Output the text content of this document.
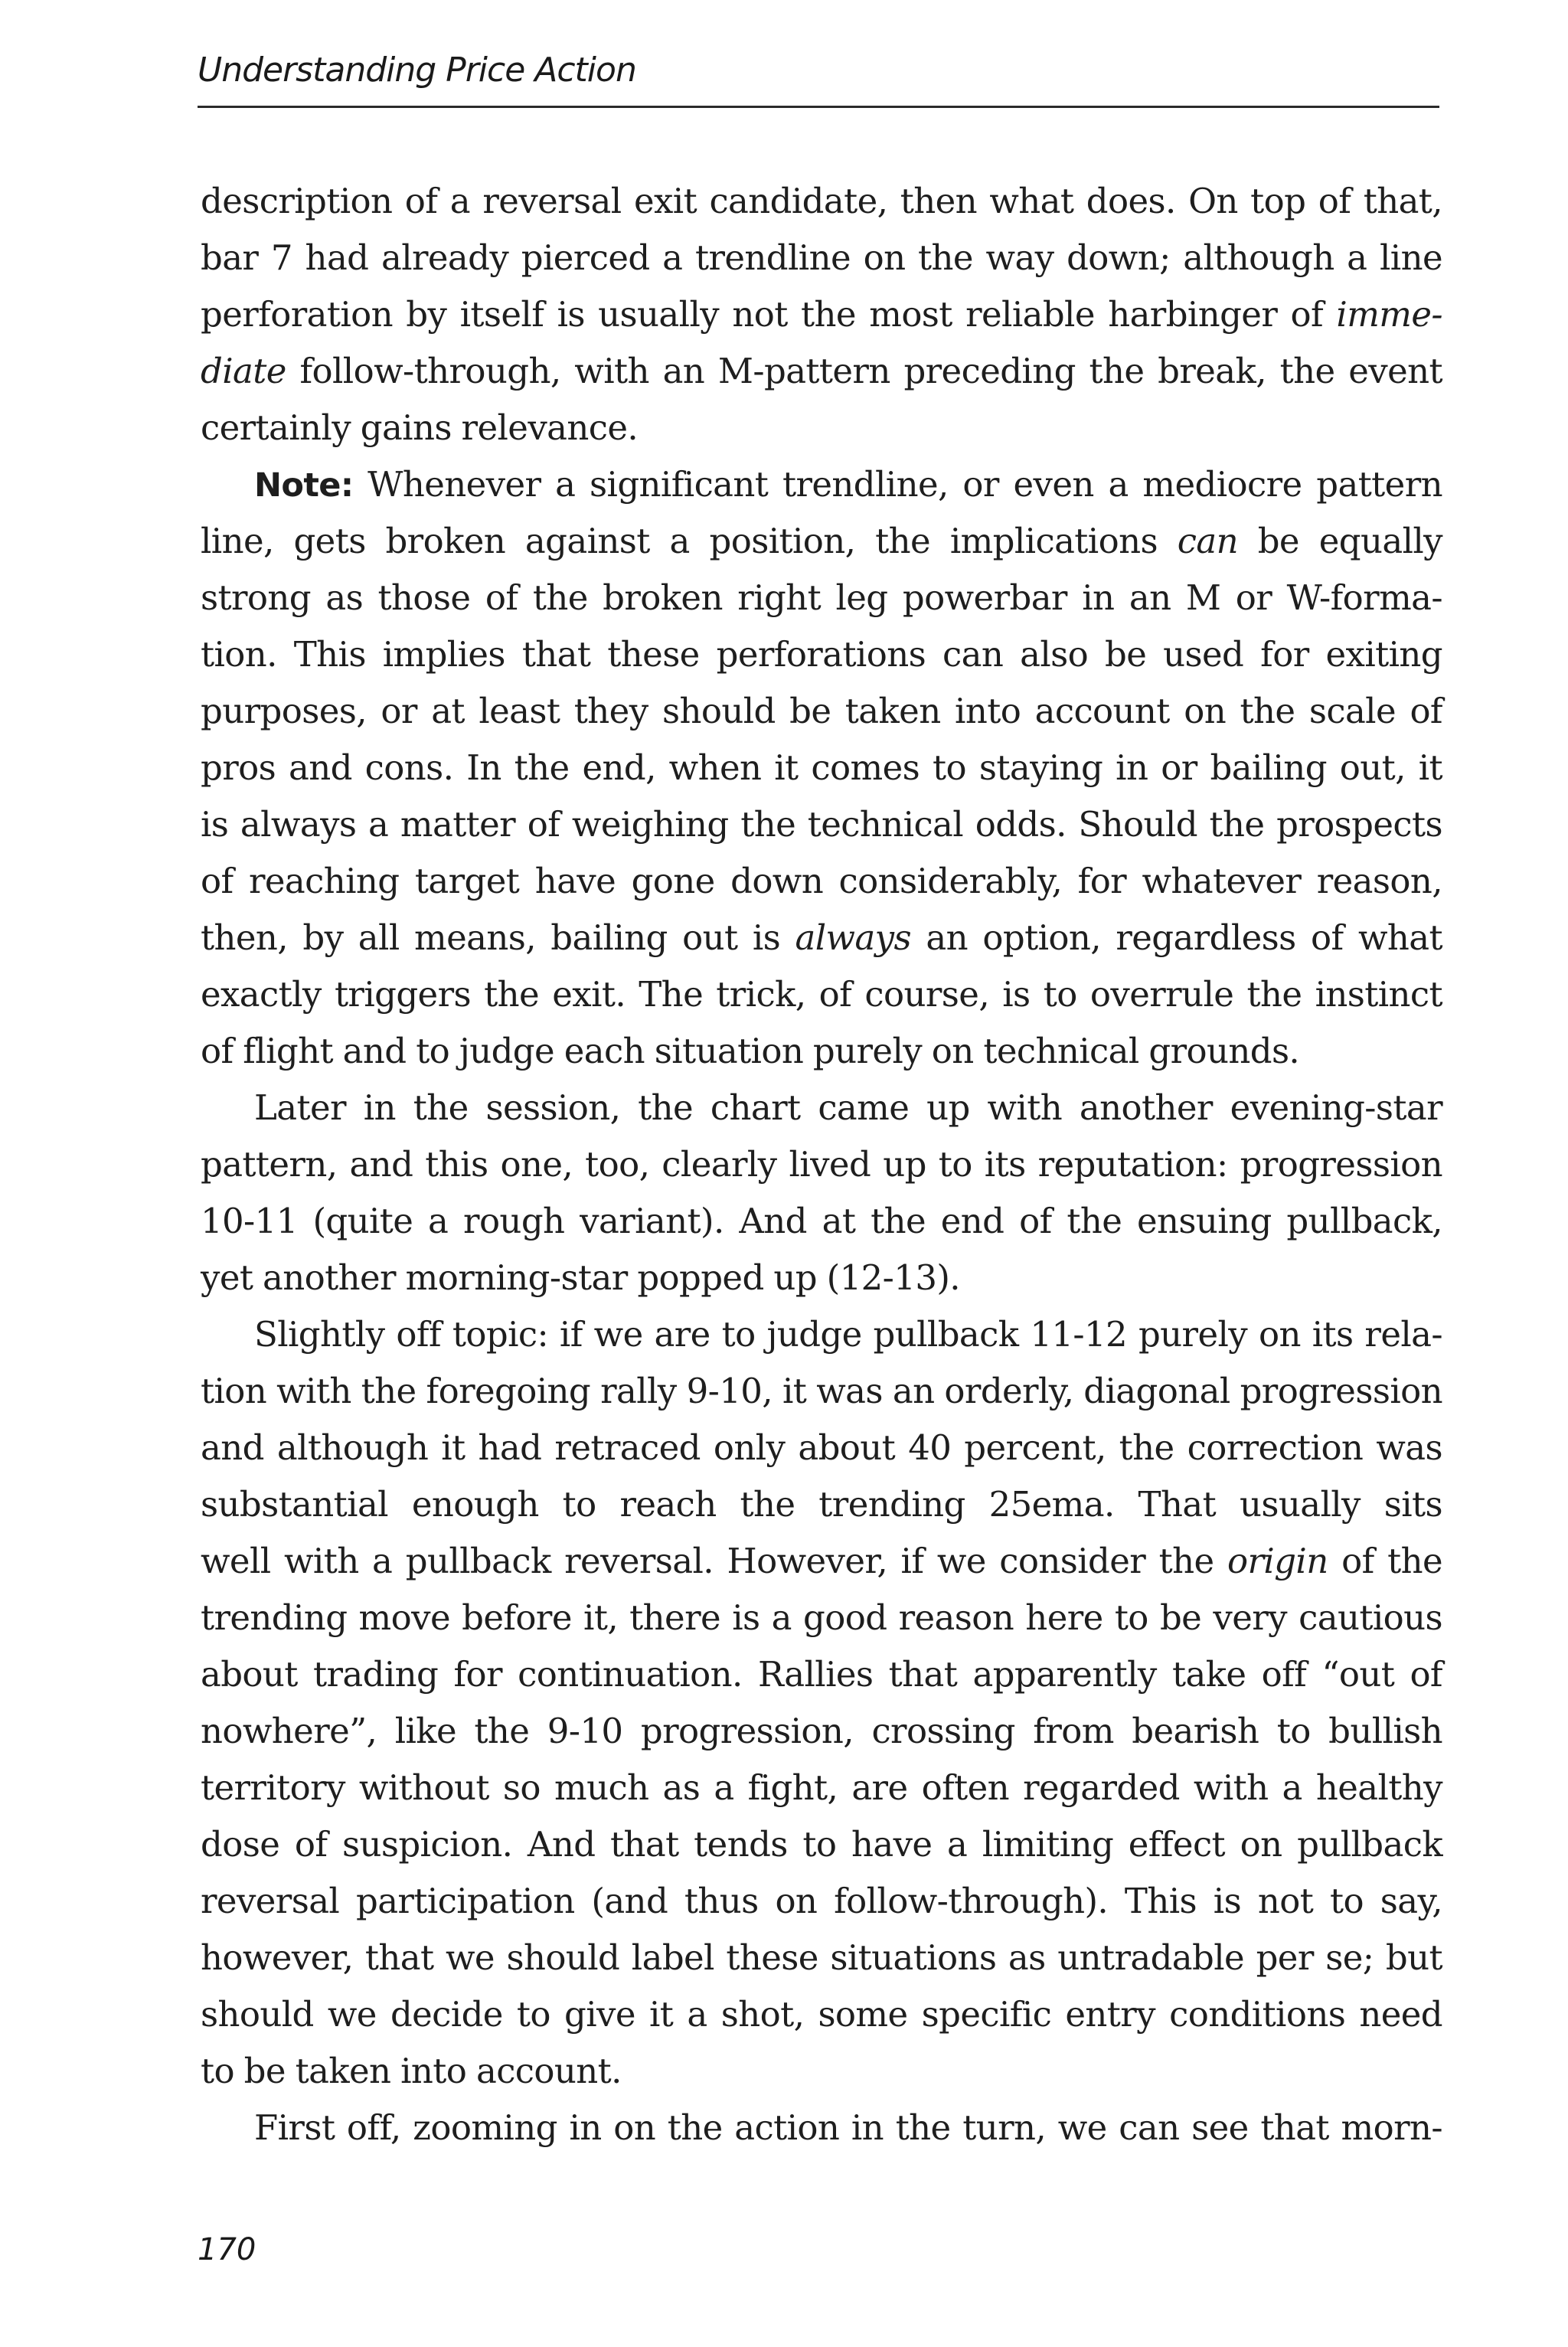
Understanding Price Action
description of a reversal exit candidate, then what does. On top of that,
bar 7 had already pierced a trendline on the way down; although a line
perforation by itself is usually not the most reliable harbinger of imme-
diate follow-through, with an M-pattern preceding the break, the event
certainly gains relevance.
Note: Whenever a significant trendline, or even a mediocre pattern
line, gets broken against a position, the implications can be equally
strong as those of the broken right leg powerbar in an M or W-forma-
tion. This implies that these perforations can also be used for exiting
purposes, or at least they should be taken into account on the scale of
pros and cons. In the end, when it comes to staying in or bailing out, it
is always a matter of weighing the technical odds. Should the prospects
of reaching target have gone down considerably, for whatever reason,
then, by all means, bailing out is always an option, regardless of what
exactly triggers the exit. The trick, of course, is to overrule the instinct
of flight and to judge each situation purely on technical grounds.
Later in the session, the chart came up with another evening-star
pattern, and this one, too, clearly lived up to its reputation: progression
10-11 (quite a rough variant). And at the end of the ensuing pullback,
yet another morning-star popped up (12-13).
Slightly off topic: if we are to judge pullback 11-12 purely on its rela-
tion with the foregoing rally 9-10, it was an orderly, diagonal progression
and although it had retraced only about 40 percent, the correction was
substantial enough to reach the trending 25ema. That usually sits
well with a pullback reversal. However, if we consider the origin of the
trending move before it, there is a good reason here to be very cautious
about trading for continuation. Rallies that apparently take off “out of
nowhere”, like the 9-10 progression, crossing from bearish to bullish
territory without so much as a fight, are often regarded with a healthy
dose of suspicion. And that tends to have a limiting effect on pullback
reversal participation (and thus on follow-through). This is not to say,
however, that we should label these situations as untradable per se; but
should we decide to give it a shot, some specific entry conditions need
to be taken into account.
First off, zooming in on the action in the turn, we can see that morn-
170
